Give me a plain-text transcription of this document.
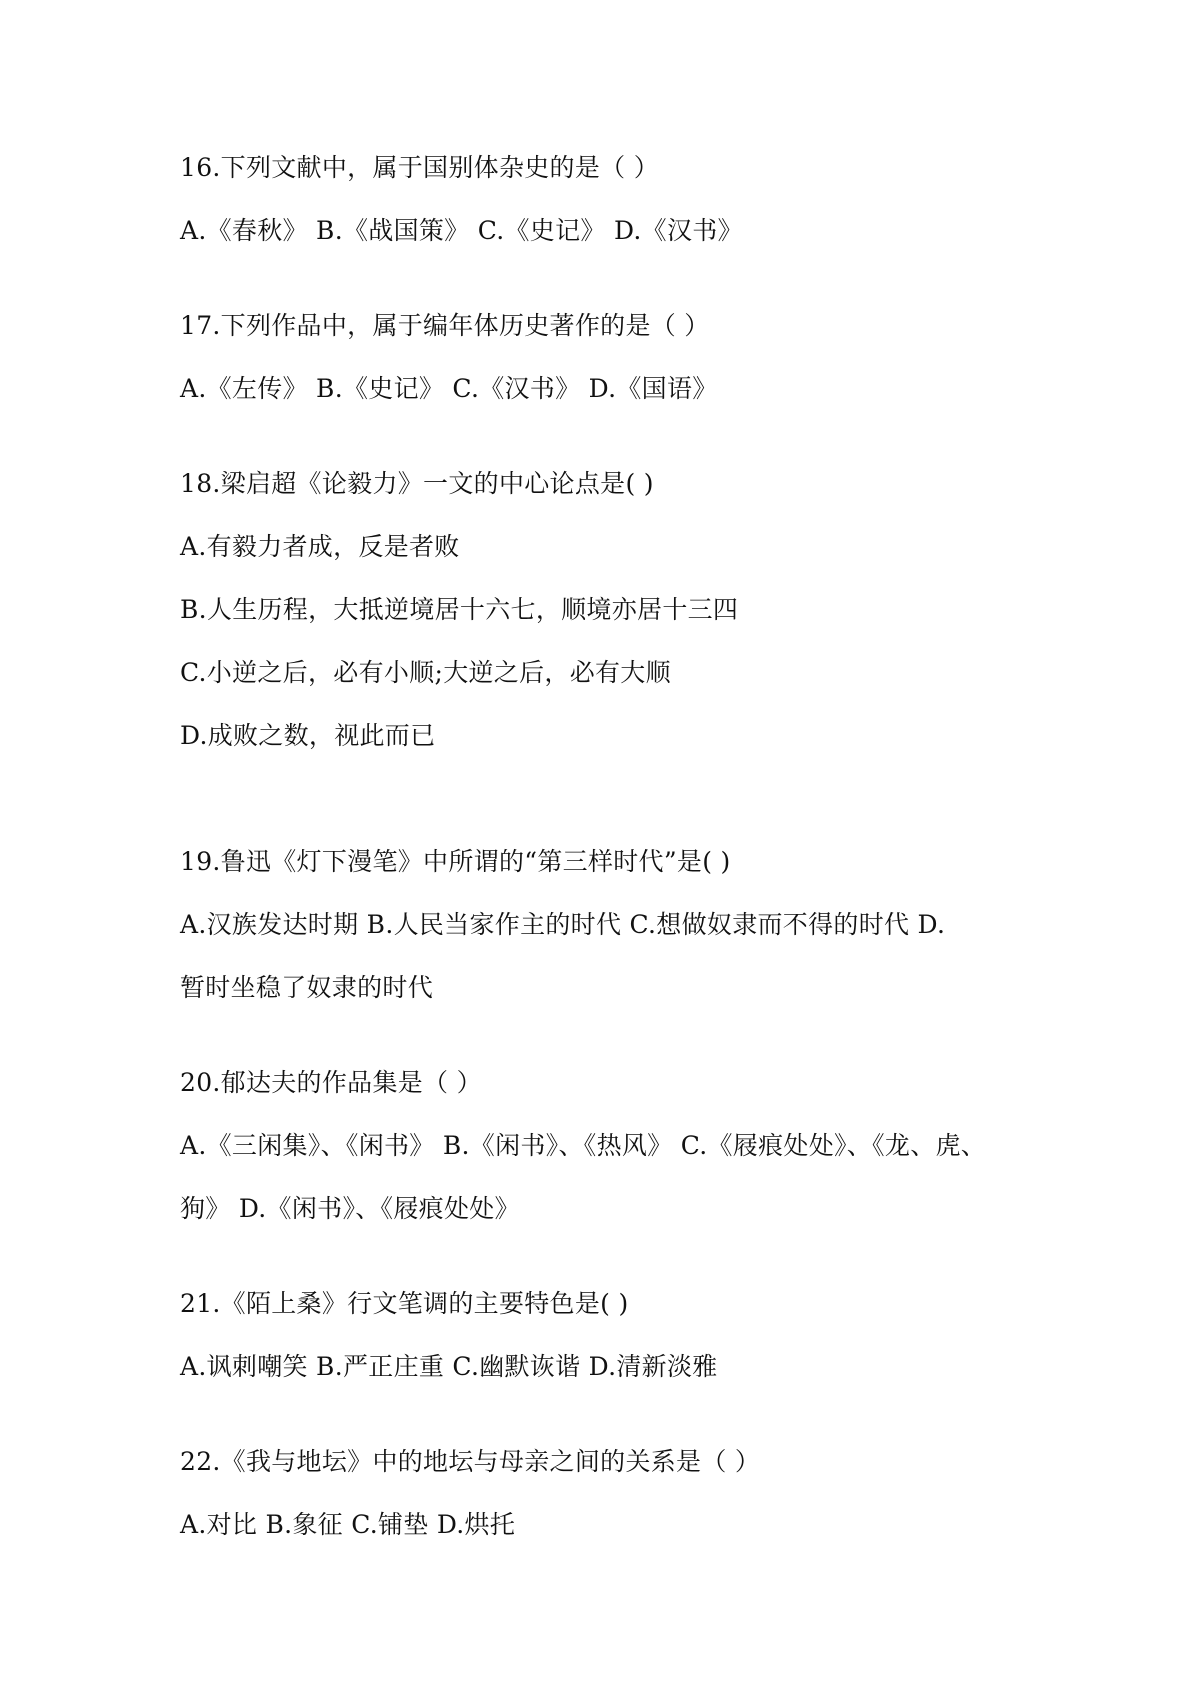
16.下列文献中，属于国别体杂史的是（ ）
A.《春秋》 B.《战国策》 C.《史记》 D.《汉书》
17.下列作品中，属于编年体历史著作的是（ ）
A.《左传》 B.《史记》 C.《汉书》 D.《国语》
18.梁启超《论毅力》一文的中心论点是( )
A.有毅力者成，反是者败
B.人生历程，大抵逆境居十六七，顺境亦居十三四
C.小逆之后，必有小顺;大逆之后，必有大顺
D.成败之数，视此而已
19.鲁迅《灯下漫笔》中所谓的“第三样时代”是( )
A.汉族发达时期 B.人民当家作主的时代 C.想做奴隶而不得的时代 D.
暂时坐稳了奴隶的时代
20.郁达夫的作品集是（ ）
A.《三闲集》、《闲书》 B.《闲书》、《热风》 C.《屐痕处处》、《龙、虎、
狗》 D.《闲书》、《屐痕处处》
21.《陌上桑》行文笔调的主要特色是( )
A.讽刺嘲笑 B.严正庄重 C.幽默诙谐 D.清新淡雅
22.《我与地坛》中的地坛与母亲之间的关系是（ ）
A.对比 B.象征 C.铺垫 D.烘托
